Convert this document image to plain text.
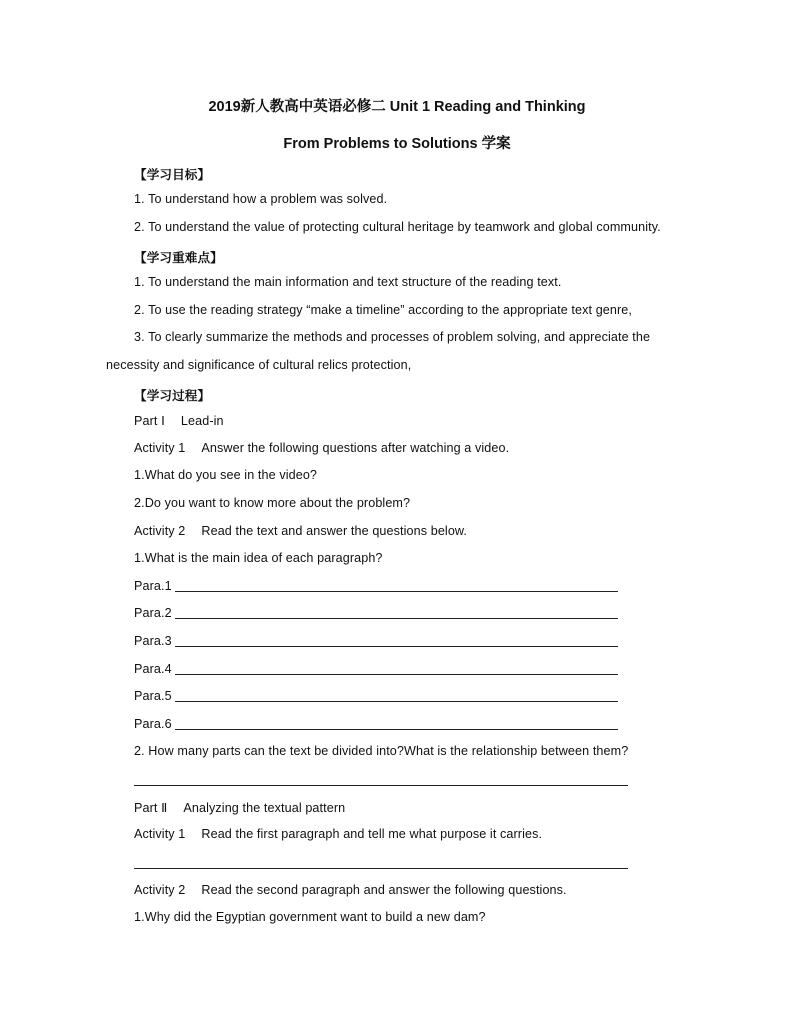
2019新人教高中英语必修二 Unit 1 Reading and Thinking
From Problems to Solutions 学案
【学习目标】
1. To understand how a problem was solved.
2. To understand the value of protecting cultural heritage by teamwork and global community.
【学习重难点】
1. To understand the main information and text structure of the reading text.
2. To use the reading strategy “make a timeline” according to the appropriate text genre,
3. To clearly summarize the methods and processes of problem solving, and appreciate the
necessity and significance of cultural relics protection,
【学习过程】
Part Ⅰ Lead-in
Activity 1 Answer the following questions after watching a video.
1.What do you see in the video?
2.Do you want to know more about the problem?
Activity 2 Read the text and answer the questions below.
1.What is the main idea of each paragraph?
Para.1
Para.2
Para.3
Para.4
Para.5
Para.6
2. How many parts can the text be divided into?What is the relationship between them?
Part Ⅱ Analyzing the textual pattern
Activity 1 Read the first paragraph and tell me what purpose it carries.
Activity 2 Read the second paragraph and answer the following questions.
1.Why did the Egyptian government want to build a new dam?
